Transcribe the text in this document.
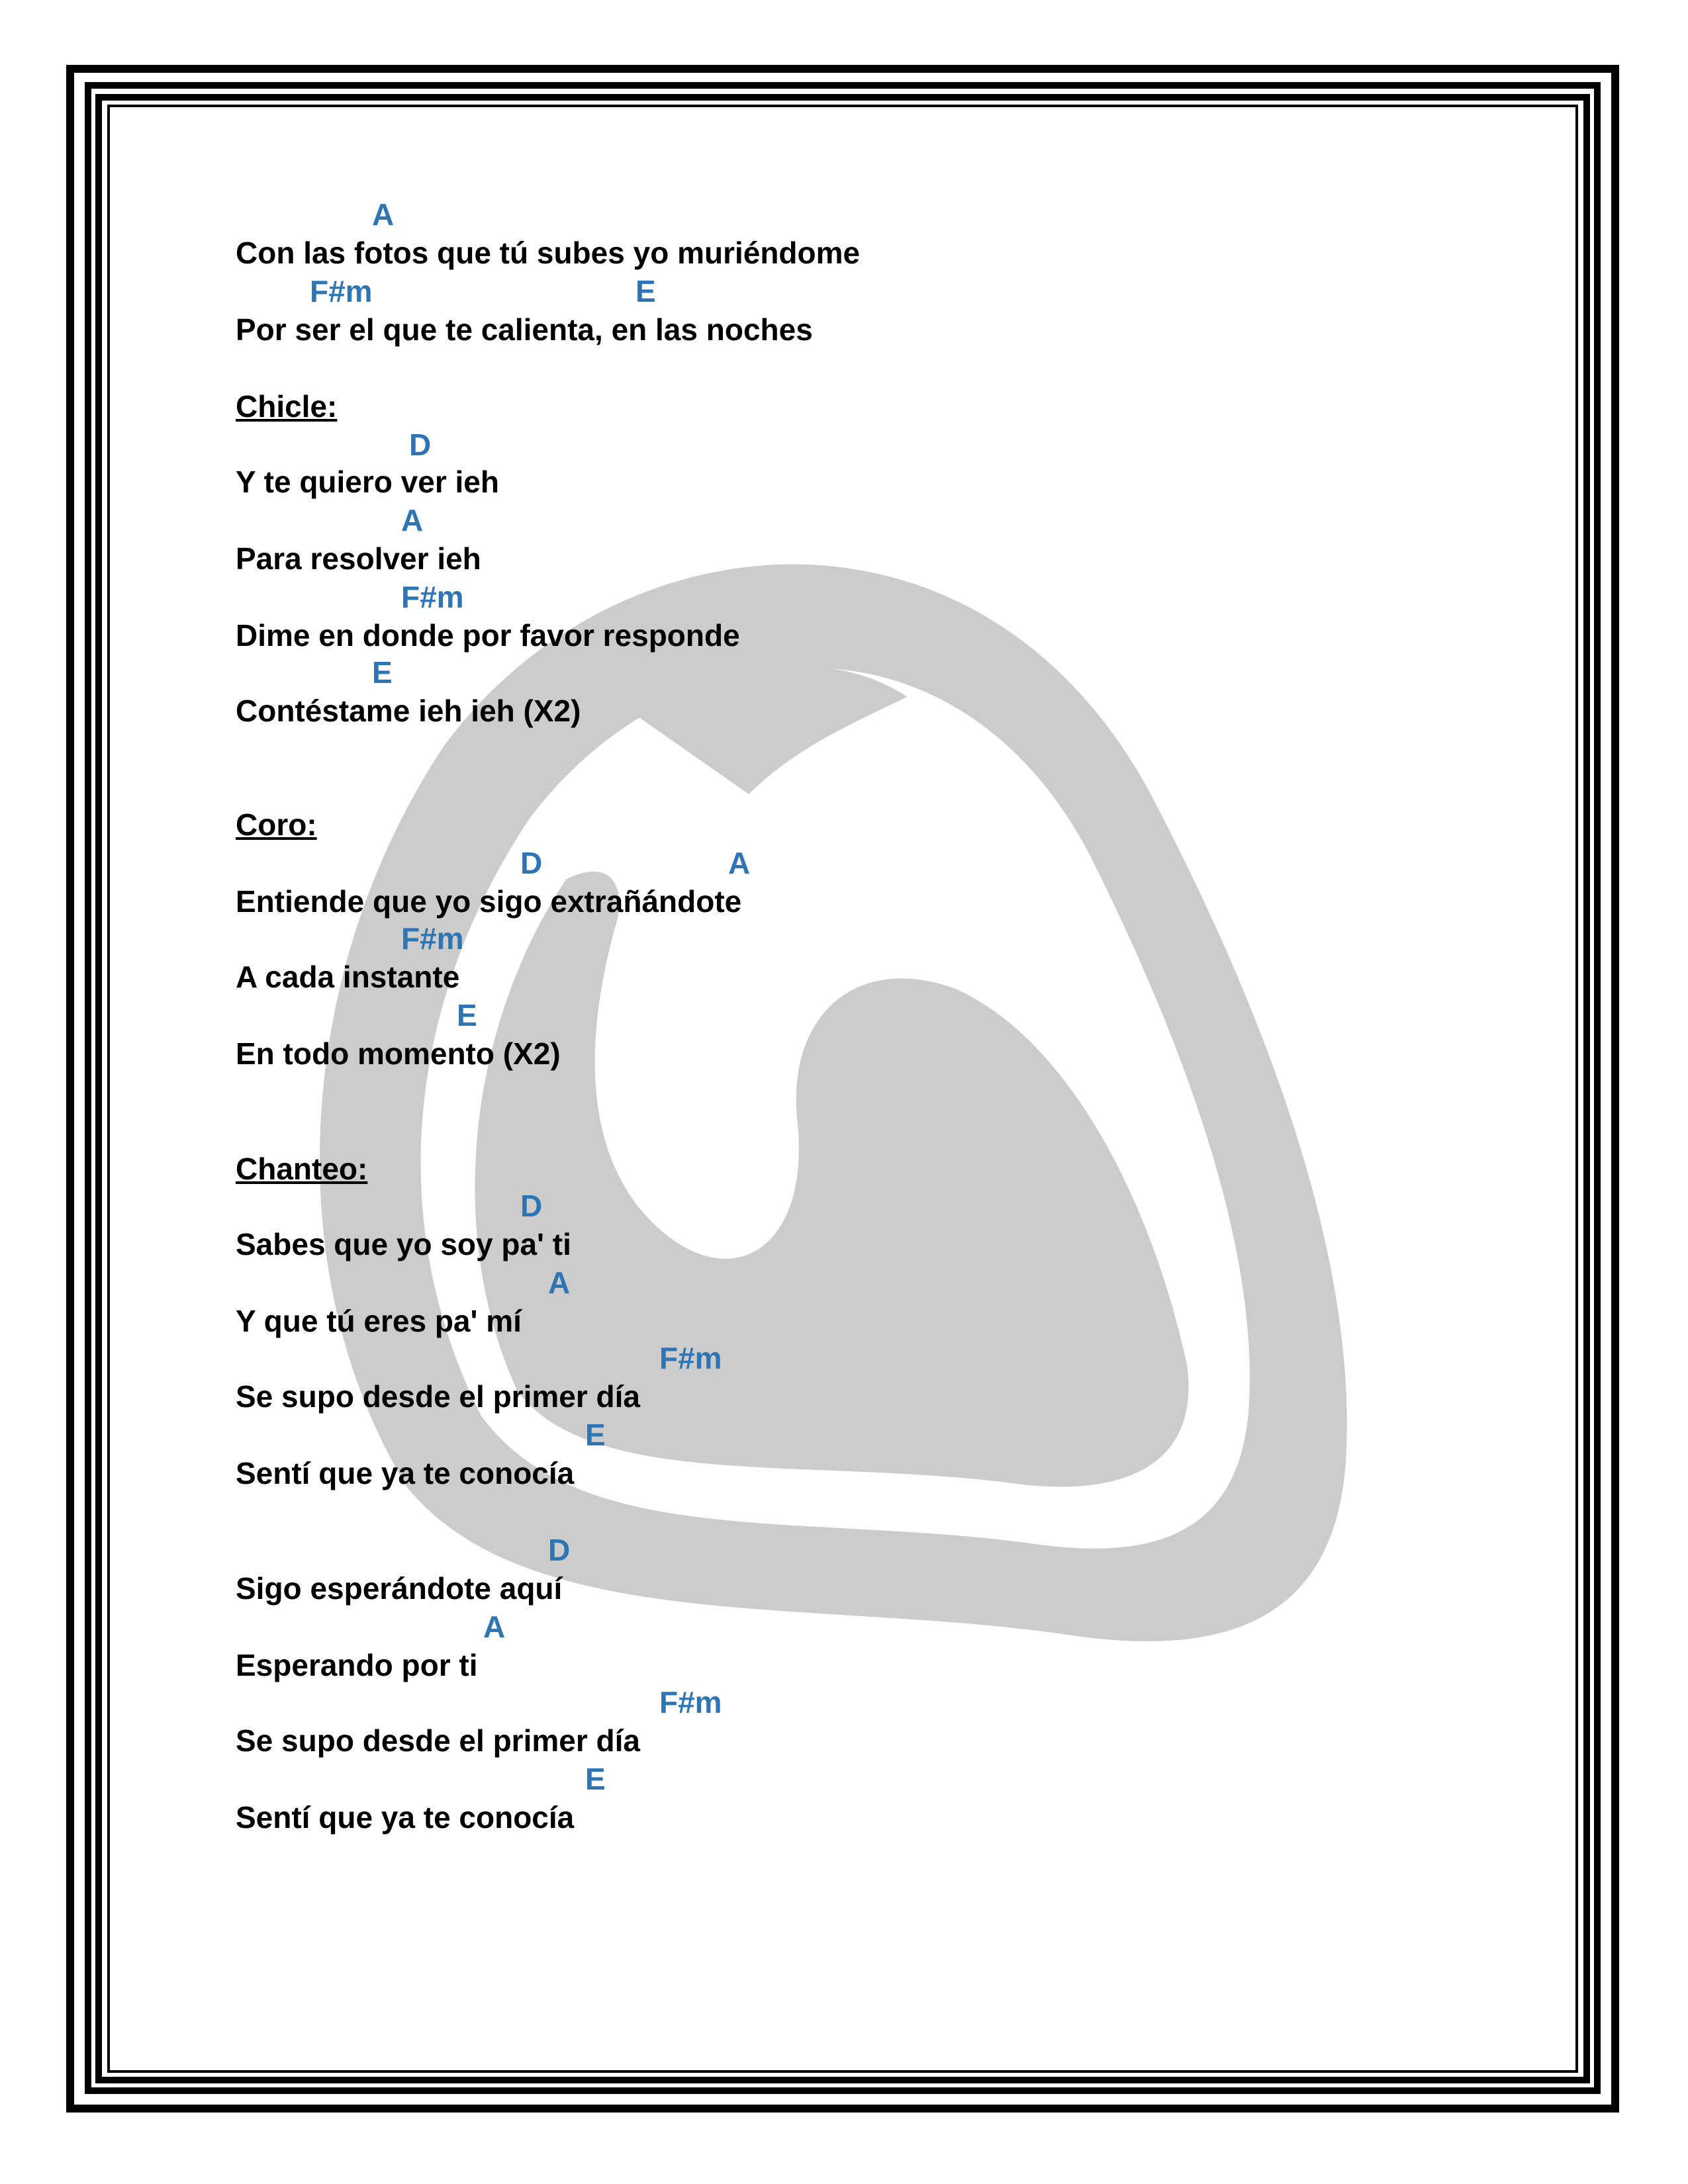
A
Con las fotos que tú subes yo muriéndome
F#m	E
Por ser el que te calienta, en las noches
Chicle:
D
Y te quiero ver ieh
A
Para resolver ieh
F#m
Dime en donde por favor responde
E
Contéstame ieh ieh (X2)
Coro:
D	A
Entiende que yo sigo extrañándote
F#m
A cada instante
E
En todo momento (X2)
Chanteo:
D
Sabes que yo soy pa' ti
A
Y que tú eres pa' mí
F#m
Se supo desde el primer día
E
Sentí que ya te conocía
D
Sigo esperándote aquí
A
Esperando por ti
F#m
Se supo desde el primer día
E
Sentí que ya te conocía
